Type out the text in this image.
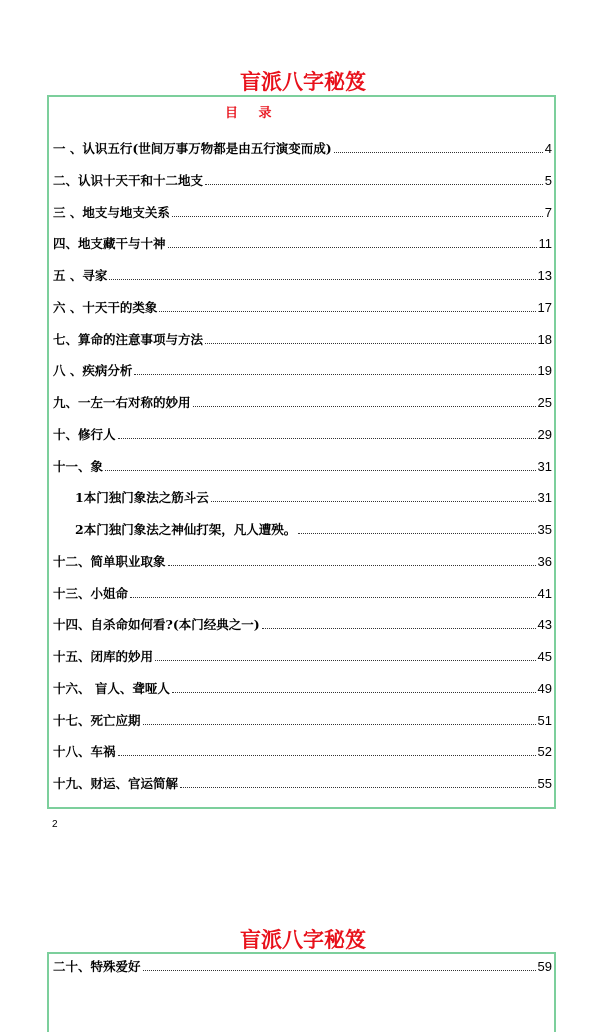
盲派八字秘笈
目 录
一 、认识五行(世间万事万物都是由五行演变而成)	4
二、认识十天干和十二地支	5
三 、地支与地支关系	7
四、地支藏干与十神	11
五 、寻家	13
六 、十天干的类象	17
七、算命的注意事项与方法	18
八 、疾病分析	19
九、一左一右对称的妙用	25
十、修行人	29
十一、象	31
1本门独门象法之筋斗云	31
2本门独门象法之神仙打架，凡人遭殃。	35
十二、简单职业取象	36
十三、小姐命	41
十四、自杀命如何看?(本门经典之一)	43
十五、闭库的妙用	45
十六、 盲人、聋哑人	49
十七、死亡应期	51
十八、车祸	52
十九、财运、官运简解	55
2
盲派八字秘笈
二十、特殊爱好	59
